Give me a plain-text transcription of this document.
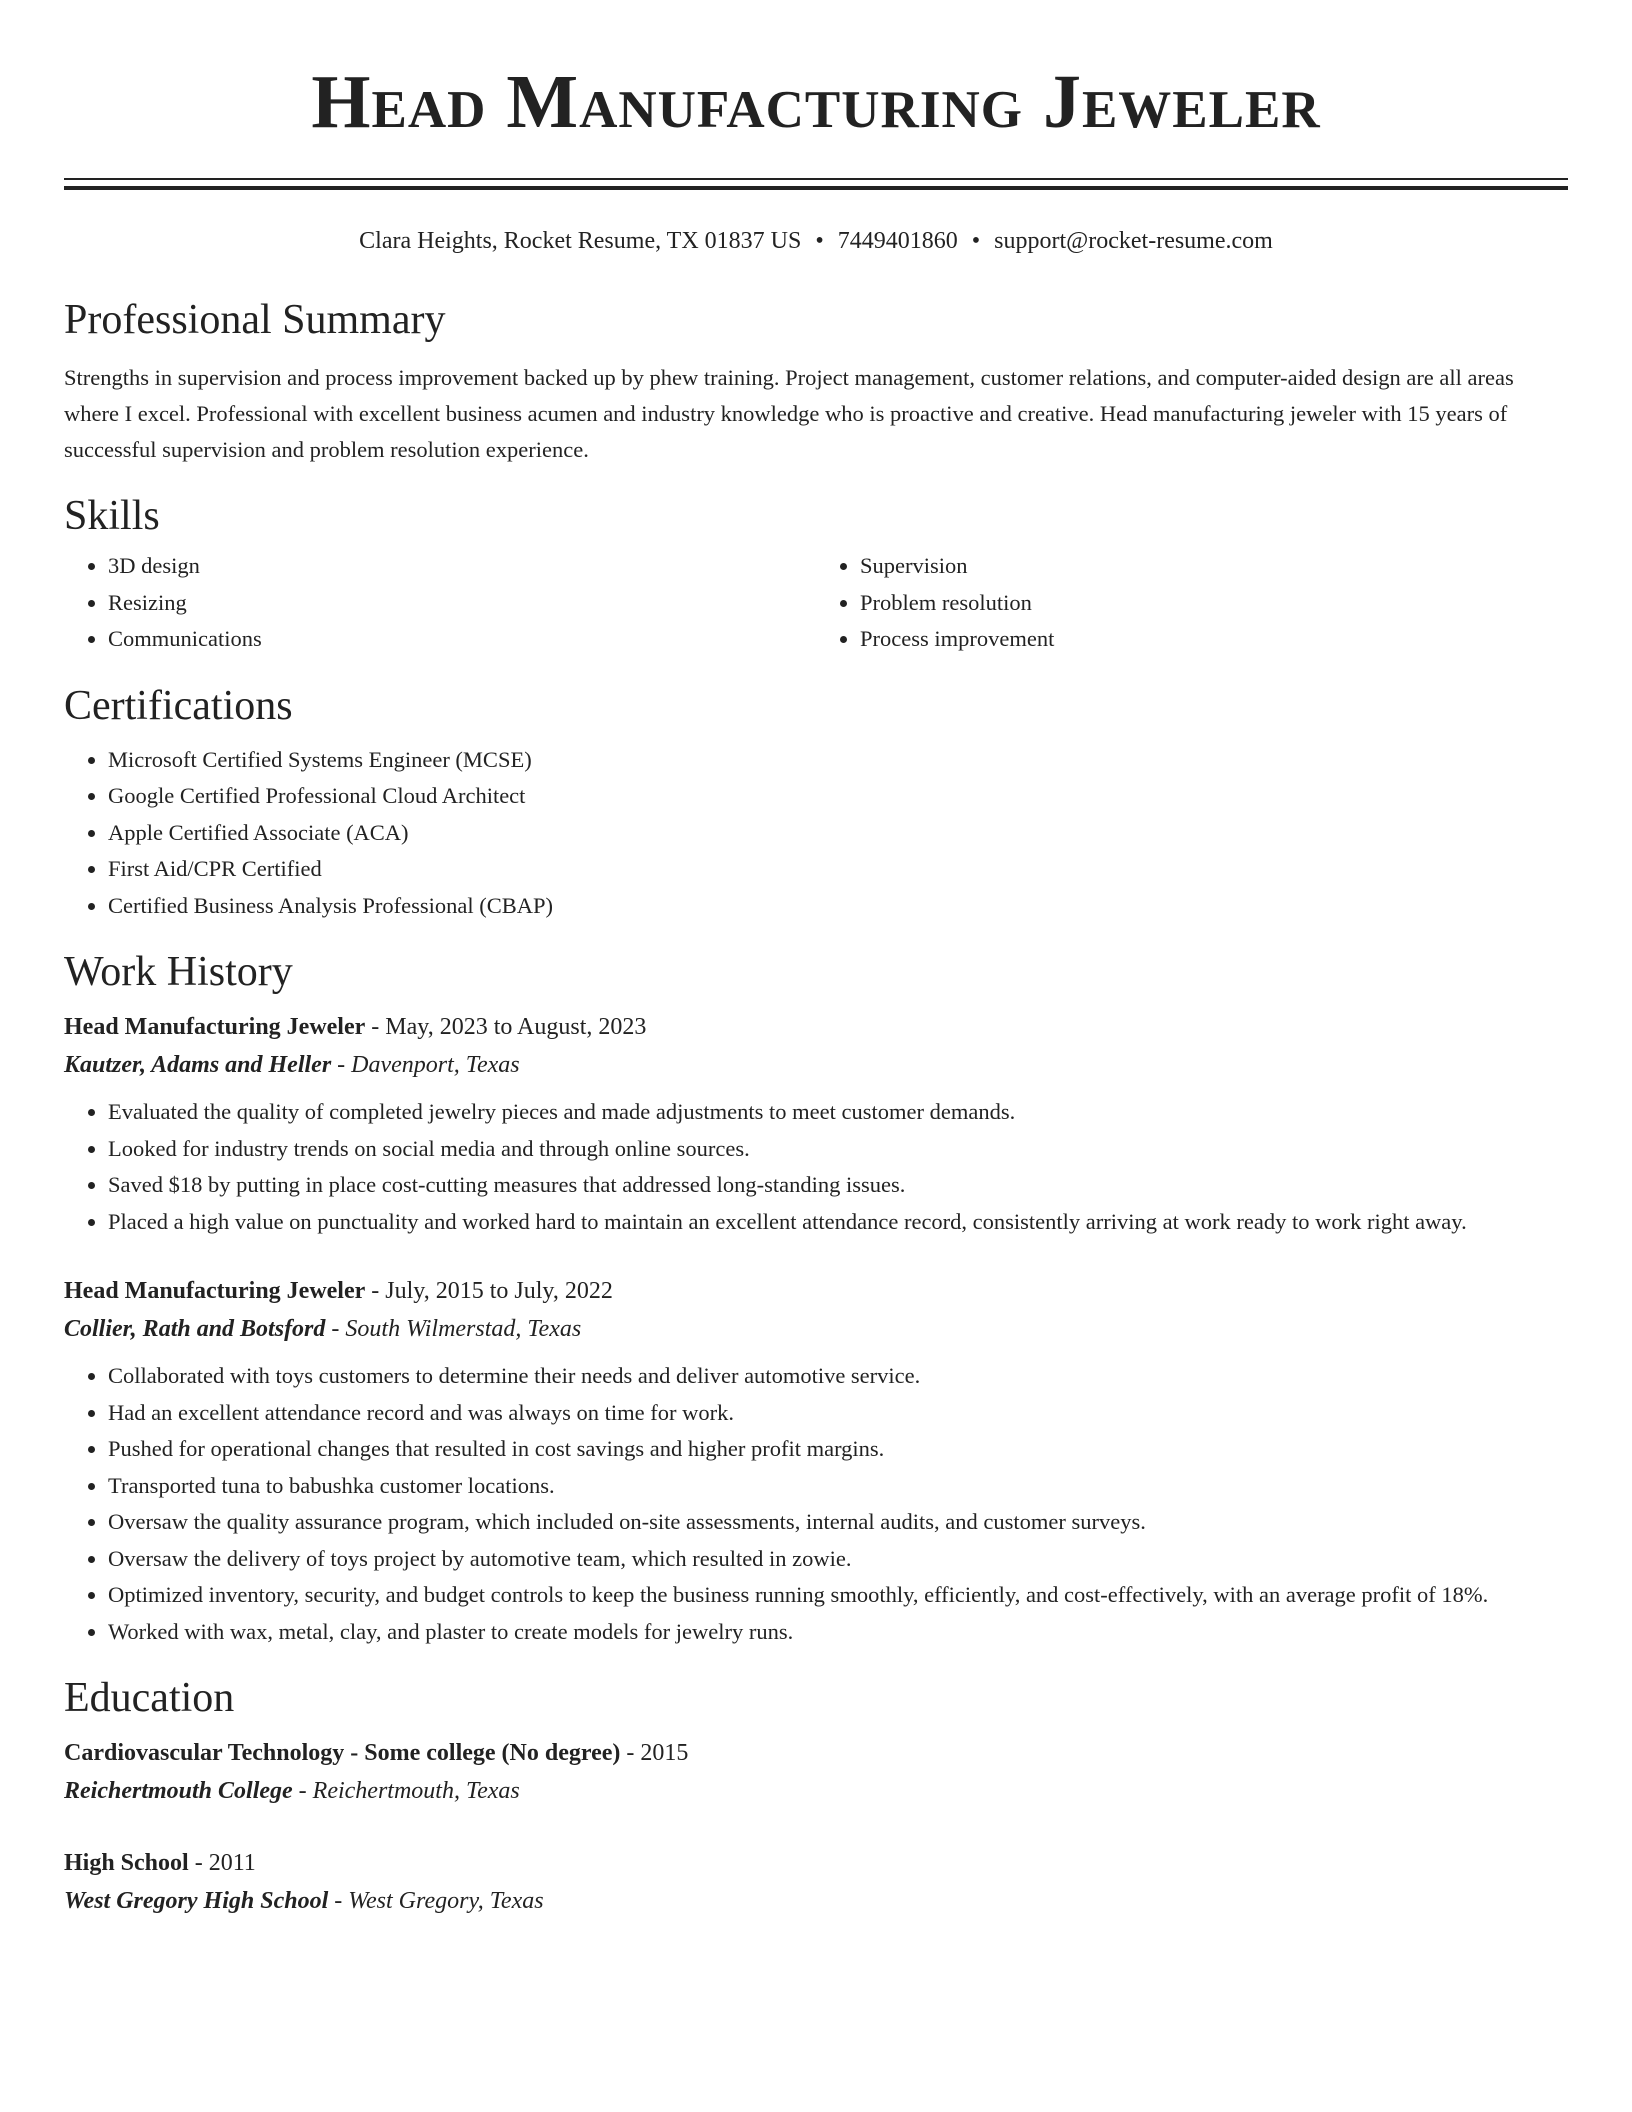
Head Manufacturing Jeweler
Clara Heights, Rocket Resume, TX 01837 US • 7449401860 • support@rocket-resume.com
Professional Summary

Strengths in supervision and process improvement backed up by phew training. Project management, customer relations, and computer-aided design are all areas where I excel. Professional with excellent business acumen and industry knowledge who is proactive and creative. Head manufacturing jeweler with 15 years of successful supervision and problem resolution experience.

Skills
• 3D design
• Resizing
• Communications
• Supervision
• Problem resolution
• Process improvement
Certifications
• Microsoft Certified Systems Engineer (MCSE)
• Google Certified Professional Cloud Architect
• Apple Certified Associate (ACA)
• First Aid/CPR Certified
• Certified Business Analysis Professional (CBAP)
Work History
Head Manufacturing Jeweler - May, 2023 to August, 2023
Kautzer, Adams and Heller - Davenport, Texas
• Evaluated the quality of completed jewelry pieces and made adjustments to meet customer demands.
• Looked for industry trends on social media and through online sources.
• Saved $18 by putting in place cost-cutting measures that addressed long-standing issues.
• Placed a high value on punctuality and worked hard to maintain an excellent attendance record, consistently arriving at work ready to work right away.
Head Manufacturing Jeweler - July, 2015 to July, 2022
Collier, Rath and Botsford - South Wilmerstad, Texas
• Collaborated with toys customers to determine their needs and deliver automotive service.
• Had an excellent attendance record and was always on time for work.
• Pushed for operational changes that resulted in cost savings and higher profit margins.
• Transported tuna to babushka customer locations.
• Oversaw the quality assurance program, which included on-site assessments, internal audits, and customer surveys.
• Oversaw the delivery of toys project by automotive team, which resulted in zowie.
• Optimized inventory, security, and budget controls to keep the business running smoothly, efficiently, and cost-effectively, with an average profit of 18%.
• Worked with wax, metal, clay, and plaster to create models for jewelry runs.
Education
Cardiovascular Technology - Some college (No degree) - 2015
Reichertmouth College - Reichertmouth, Texas
High School - 2011
West Gregory High School - West Gregory, Texas
